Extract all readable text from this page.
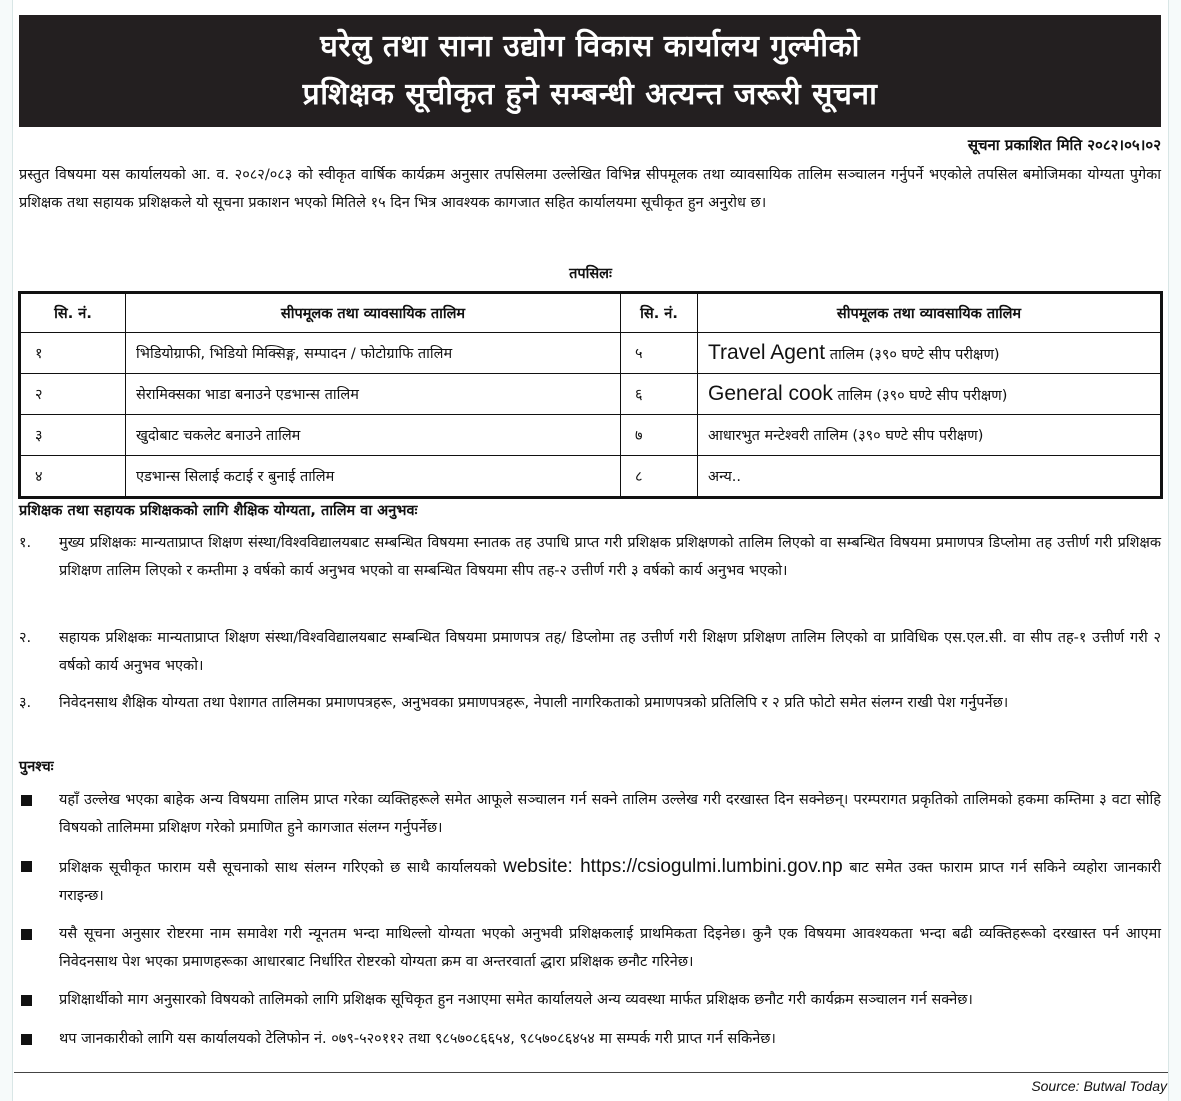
घरेलु तथा साना उद्योग विकास कार्यालय गुल्मीको
प्रशिक्षक सूचीकृत हुने सम्बन्धी अत्यन्त जरूरी सूचना
सूचना प्रकाशित मिति २०८२।०५।०२
प्रस्तुत विषयमा यस कार्यालयको आ. व. २०८२/०८३ को स्वीकृत वार्षिक कार्यक्रम अनुसार तपसिलमा उल्लेखित विभिन्न सीपमूलक तथा व्यावसायिक तालिम सञ्चालन गर्नुपर्ने भएकोले तपसिल बमोजिमका योग्यता पुगेका प्रशिक्षक तथा सहायक प्रशिक्षकले यो सूचना प्रकाशन भएको मितिले १५ दिन भित्र आवश्यक कागजात सहित कार्यालयमा सूचीकृत हुन अनुरोध छ।
तपसिलः
सि. नं.	सीपमूलक तथा व्यावसायिक तालिम	सि. नं.	सीपमूलक तथा व्यावसायिक तालिम
१	भिडियोग्राफी, भिडियो मिक्सिङ्ग, सम्पादन / फोटोग्राफि तालिम	५	Travel Agent तालिम (३९० घण्टे सीप परीक्षण)
२	सेरामिक्सका भाडा बनाउने एडभान्स तालिम	६	General cook तालिम (३९० घण्टे सीप परीक्षण)
३	खुदोबाट चकलेट बनाउने तालिम	७	आधारभुत मन्टेश्वरी तालिम (३९० घण्टे सीप परीक्षण)
४	एडभान्स सिलाई कटाई र बुनाई तालिम	८	अन्य..
प्रशिक्षक तथा सहायक प्रशिक्षकको लागि शैक्षिक योग्यता, तालिम वा अनुभवः
१. मुख्य प्रशिक्षकः मान्यताप्राप्त शिक्षण संस्था/विश्वविद्यालयबाट सम्बन्धित विषयमा स्नातक तह उपाधि प्राप्त गरी प्रशिक्षक प्रशिक्षणको तालिम लिएको वा सम्बन्धित विषयमा प्रमाणपत्र डिप्लोमा तह उत्तीर्ण गरी प्रशिक्षक प्रशिक्षण तालिम लिएको र कम्तीमा ३ वर्षको कार्य अनुभव भएको वा सम्बन्धित विषयमा सीप तह-२ उत्तीर्ण गरी ३ वर्षको कार्य अनुभव भएको।
२. सहायक प्रशिक्षकः मान्यताप्राप्त शिक्षण संस्था/विश्वविद्यालयबाट सम्बन्धित विषयमा प्रमाणपत्र तह/ डिप्लोमा तह उत्तीर्ण गरी शिक्षण प्रशिक्षण तालिम लिएको वा प्राविधिक एस.एल.सी. वा सीप तह-१ उत्तीर्ण गरी २ वर्षको कार्य अनुभव भएको।
३. निवेदनसाथ शैक्षिक योग्यता तथा पेशागत तालिमका प्रमाणपत्रहरू, अनुभवका प्रमाणपत्रहरू, नेपाली नागरिकताको प्रमाणपत्रको प्रतिलिपि र २ प्रति फोटो समेत संलग्न राखी पेश गर्नुपर्नेछ।
पुनश्चः
यहाँ उल्लेख भएका बाहेक अन्य विषयमा तालिम प्राप्त गरेका व्यक्तिहरूले समेत आफूले सञ्चालन गर्न सक्ने तालिम उल्लेख गरी दरखास्त दिन सक्नेछन्। परम्परागत प्रकृतिको तालिमको हकमा कम्तिमा ३ वटा सोहि विषयको तालिममा प्रशिक्षण गरेको प्रमाणित हुने कागजात संलग्न गर्नुपर्नेछ।
प्रशिक्षक सूचीकृत फाराम यसै सूचनाको साथ संलग्न गरिएको छ साथै कार्यालयको website: https://csiogulmi.lumbini.gov.np बाट समेत उक्त फाराम प्राप्त गर्न सकिने व्यहोरा जानकारी गराइन्छ।
यसै सूचना अनुसार रोष्टरमा नाम समावेश गरी न्यूनतम भन्दा माथिल्लो योग्यता भएको अनुभवी प्रशिक्षकलाई प्राथमिकता दिइनेछ। कुनै एक विषयमा आवश्यकता भन्दा बढी व्यक्तिहरूको दरखास्त पर्न आएमा निवेदनसाथ पेश भएका प्रमाणहरूका आधारबाट निर्धारित रोष्टरको योग्यता क्रम वा अन्तरवार्ता द्धारा प्रशिक्षक छनौट गरिनेछ।
प्रशिक्षार्थीको माग अनुसारको विषयको तालिमको लागि प्रशिक्षक सूचिकृत हुन नआएमा समेत कार्यालयले अन्य व्यवस्था मार्फत प्रशिक्षक छनौट गरी कार्यक्रम सञ्चालन गर्न सक्नेछ।
थप जानकारीको लागि यस कार्यालयको टेलिफोन नं. ०७९-५२०११२ तथा ९८५७०८६६५४, ९८५७०८६४५४ मा सम्पर्क गरी प्राप्त गर्न सकिनेछ।
Source: Butwal Today
